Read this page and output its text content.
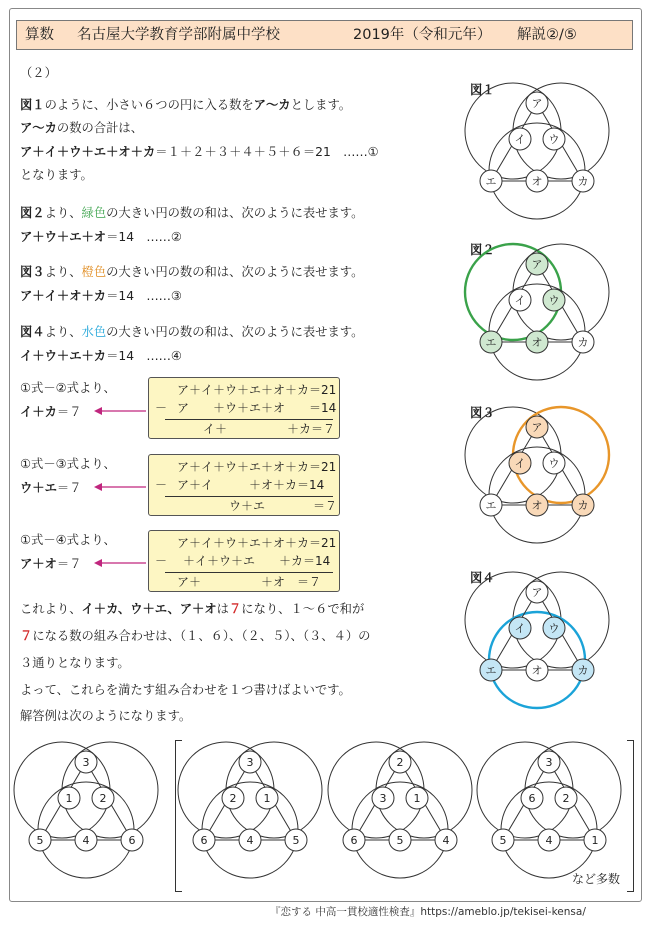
算数 名古屋大学教育学部附属中学校	2019年（令和元年） 解説②/⑤
（２）
図１のように、小さい６つの円に入る数をア～カとします。
ア～カの数の合計は、
ア＋イ＋ウ＋エ＋オ＋カ＝１＋２＋３＋４＋５＋６＝21　……①
となります。
図２より、緑色の大きい円の数の和は、次のように表せます。
ア＋ウ＋エ＋オ＝14　……②
図３より、橙色の大きい円の数の和は、次のように表せます。
ア＋イ＋オ＋カ＝14　……③
図４より、水色の大きい円の数の和は、次のように表せます。
イ＋ウ＋エ＋カ＝14　……④
①式－②式より、
イ＋カ＝７
ア＋イ＋ウ＋エ＋オ＋カ＝21
－ ア　　＋ウ＋エ＋オ　　＝14
イ＋　　　　　＋カ＝７
①式－③式より、
ウ＋エ＝７
ア＋イ＋ウ＋エ＋オ＋カ＝21
－ ア＋イ　　　＋オ＋カ＝14
ウ＋エ　　　　＝７
①式－④式より、
ア＋オ＝７
ア＋イ＋ウ＋エ＋オ＋カ＝21
－ ＋イ＋ウ＋エ　　＋カ＝14
ア＋　　　　　＋オ　＝７
これより、イ＋カ、ウ＋エ、ア＋オは７になり、１～６で和が
７になる数の組み合わせは、（１、６）、（２、５）、（３、４）の
３通りとなります。
よって、これらを満たす組み合わせを１つ書けばよいです。
解答例は次のようになります。
図１
図２
図３
図４
ア
イ ウ
エ	オ	カ
ア
イ ウ
エ	オ	カ
ア
イ ウ
エ	オ	カ
ア
イ ウ
エ	オ	カ
3
1 2
5	4	6
3
2 1
6	4	5
2
3 1
6	5	4
3
6 2
5	4	1
など多数
『恋する 中高一貫校適性検査』https://ameblo.jp/tekisei-kensa/
